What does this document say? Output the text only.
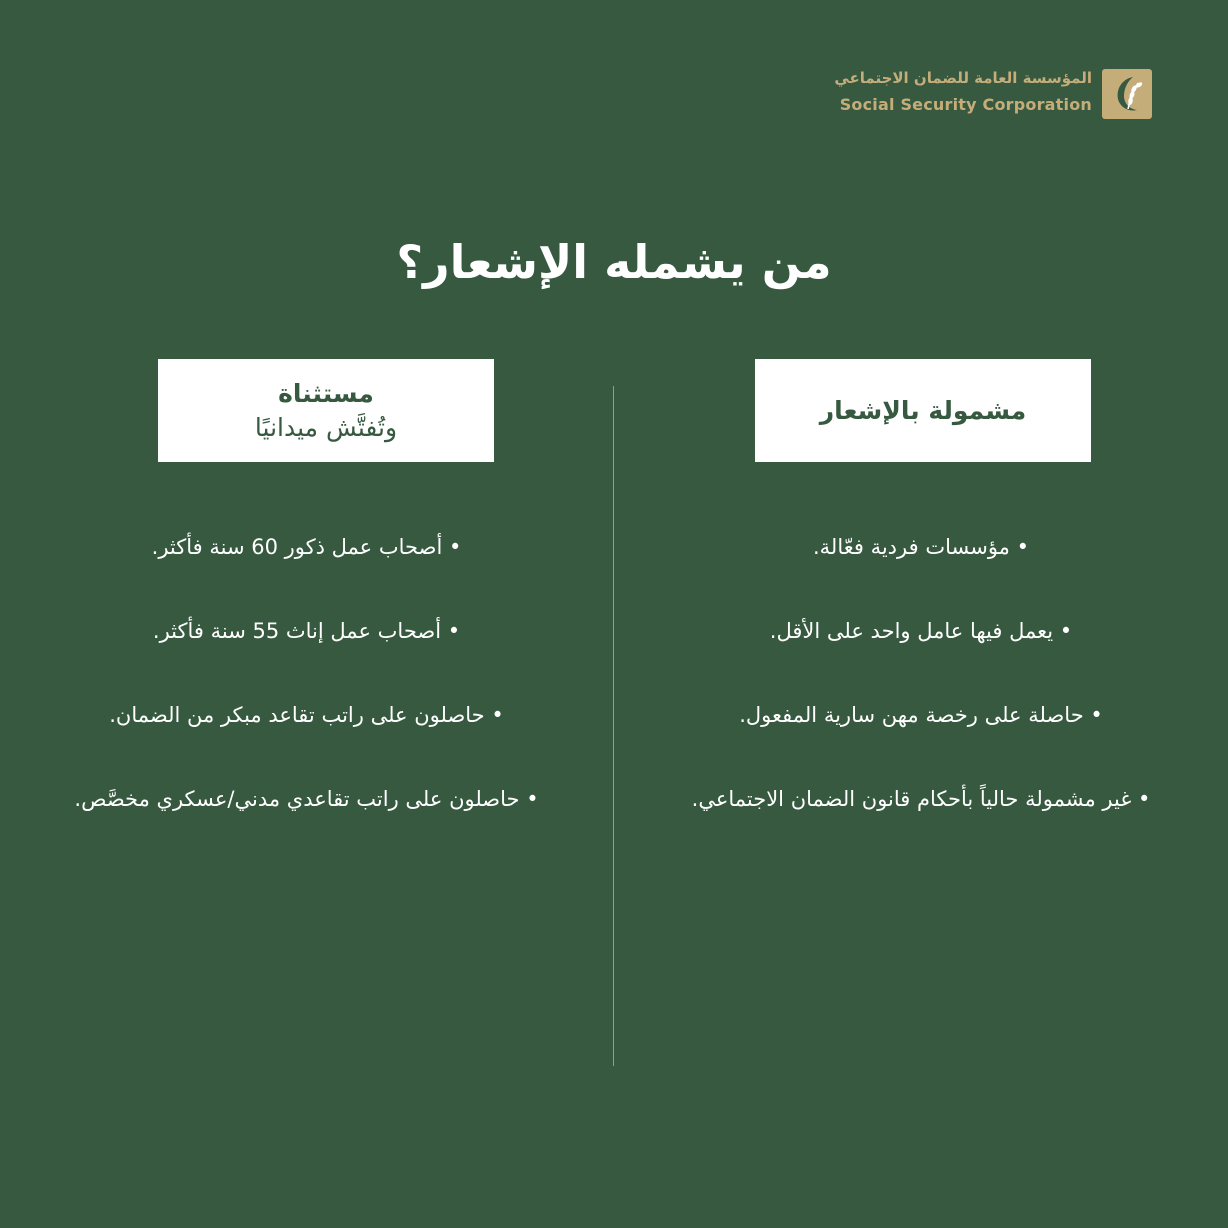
المؤسسة العامة للضمان الاجتماعي
Social Security Corporation
من يشمله الإشعار؟
مشمولة بالإشعار
مستثناة
وتُفتَّش ميدانيًا
• مؤسسات فردية فعّالة.
• يعمل فيها عامل واحد على الأقل.
• حاصلة على رخصة مهن سارية المفعول.
• غير مشمولة حالياً بأحكام قانون الضمان الاجتماعي.
• أصحاب عمل ذكور 60 سنة فأكثر.
• أصحاب عمل إناث 55 سنة فأكثر.
• حاصلون على راتب تقاعد مبكر من الضمان.
• حاصلون على راتب تقاعدي مدني/عسكري مخصَّص.
